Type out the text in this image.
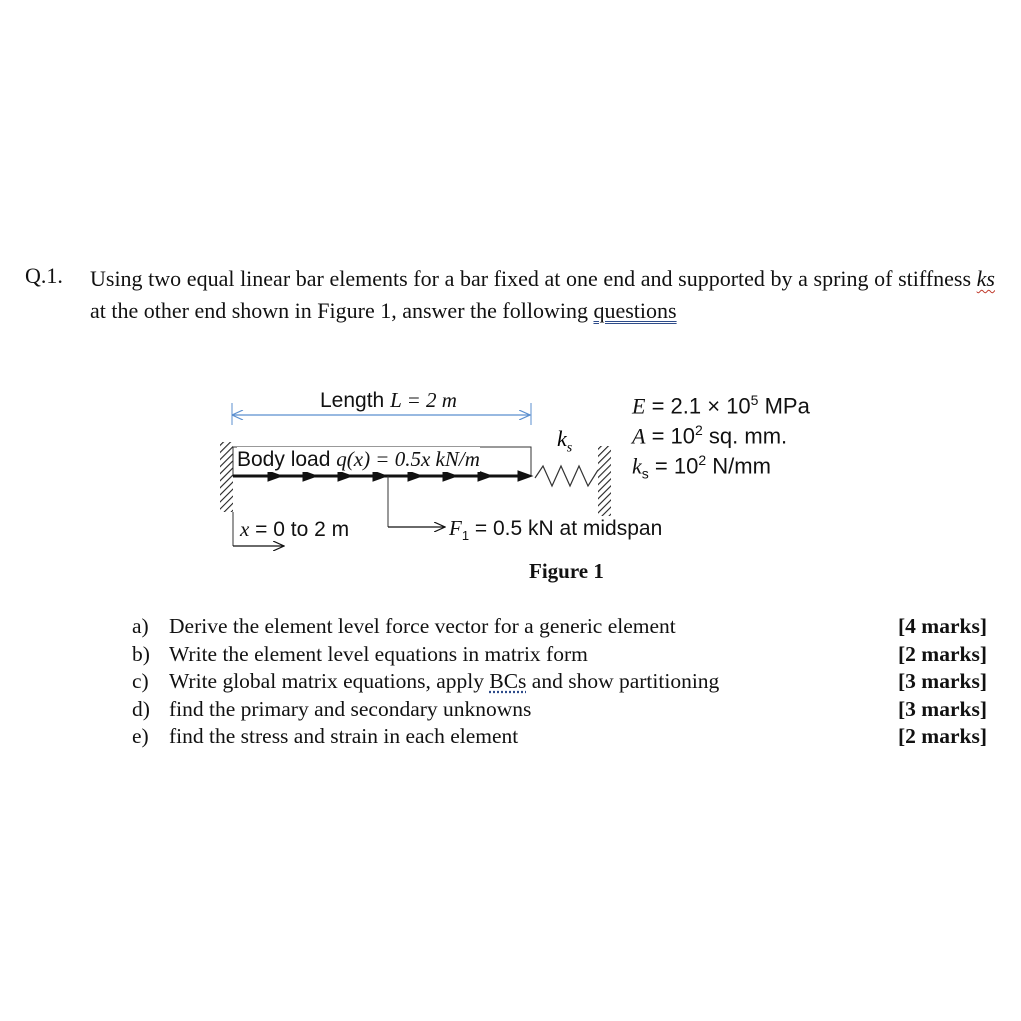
Q.1. Using two equal linear bar elements for a bar fixed at one end and supported by a spring of stiffness ks at the other end shown in Figure 1, answer the following questions
Length L = 2 m
Body load q(x) = 0.5x kN/m
$k_s$
x = 0 to 2 m	$F_1 = 0.5$ kN at midspan
$E = 2.1 \times 10^5$ MPa
$A = 10^2$ sq. mm.
$k_s = 10^2$ N/mm
Figure 1
a) Derive the element level force vector for a generic element	[4 marks]
b) Write the element level equations in matrix form	[2 marks]
c) Write global matrix equations, apply BCs and show partitioning	[3 marks]
d) find the primary and secondary unknowns	[3 marks]
e) find the stress and strain in each element	[2 marks]
